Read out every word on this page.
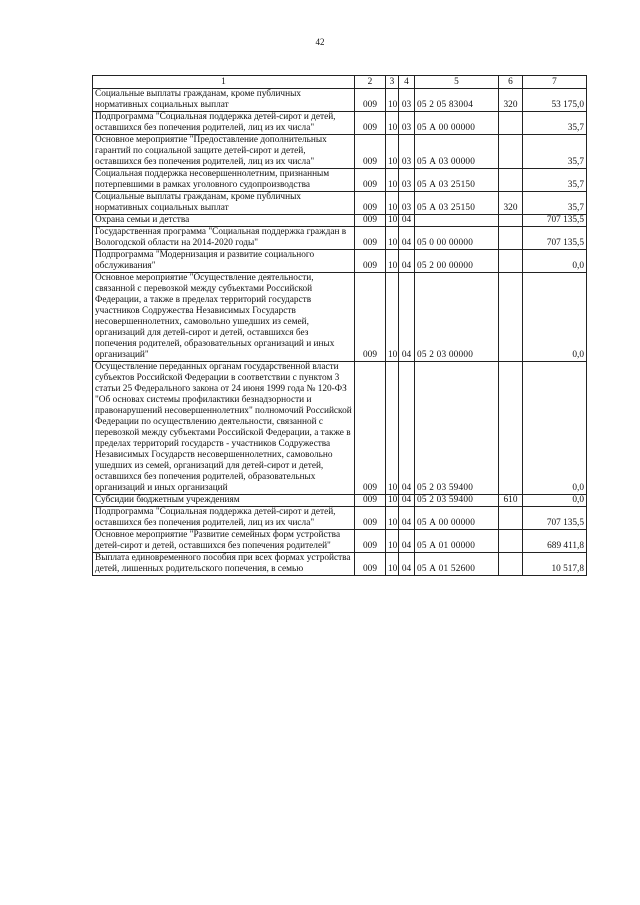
42
1	2	3	4	5	6	7
Социальные выплаты гражданам, кроме публичных нормативных социальных выплат	009	10	03	05 2 05 83004	320	53 175,0
Подпрограмма "Социальная поддержка детей-сирот и детей, оставшихся без попечения родителей, лиц из их числа"	009	10	03	05 А 00 00000		35,7
Основное мероприятие "Предоставление дополнительных гарантий по социальной защите детей-сирот и детей, оставшихся без попечения родителей, лиц из их числа"	009	10	03	05 А 03 00000		35,7
Социальная поддержка несовершеннолетним, признанным потерпевшими в рамках уголовного судопроизводства	009	10	03	05 А 03 25150		35,7
Социальные выплаты гражданам, кроме публичных нормативных социальных выплат	009	10	03	05 А 03 25150	320	35,7
Охрана семьи и детства	009	10	04			707 135,5
Государственная программа "Социальная поддержка граждан в Вологодской области на 2014-2020 годы"	009	10	04	05 0 00 00000		707 135,5
Подпрограмма "Модернизация и развитие социального обслуживания"	009	10	04	05 2 00 00000		0,0
Основное мероприятие "Осуществление деятельности, связанной с перевозкой между субъектами Российской Федерации, а также в пределах территорий государств участников Содружества Независимых Государств несовершеннолетних, самовольно ушедших из семей, организаций для детей-сирот и детей, оставшихся без попечения родителей, образовательных организаций и иных организаций"	009	10	04	05 2 03 00000		0,0
Осуществление переданных органам государственной власти субъектов Российской Федерации в соответствии с пунктом 3 статьи 25 Федерального закона от 24 июня 1999 года № 120-ФЗ "Об основах системы профилактики безнадзорности и правонарушений несовершеннолетних" полномочий Российской Федерации по осуществлению деятельности, связанной с перевозкой между субъектами Российской Федерации, а также в пределах территорий государств - участников Содружества Независимых Государств несовершеннолетних, самовольно ушедших из семей, организаций для детей-сирот и детей, оставшихся без попечения родителей, образовательных организаций и иных организаций	009	10	04	05 2 03 59400		0,0
Субсидии бюджетным учреждениям	009	10	04	05 2 03 59400	610	0,0
Подпрограмма "Социальная поддержка детей-сирот и детей, оставшихся без попечения родителей, лиц из их числа"	009	10	04	05 А 00 00000		707 135,5
Основное мероприятие "Развитие семейных форм устройства детей-сирот и детей, оставшихся без попечения родителей"	009	10	04	05 А 01 00000		689 411,8
Выплата единовременного пособия при всех формах устройства детей, лишенных родительского попечения, в семью	009	10	04	05 А 01 52600		10 517,8
